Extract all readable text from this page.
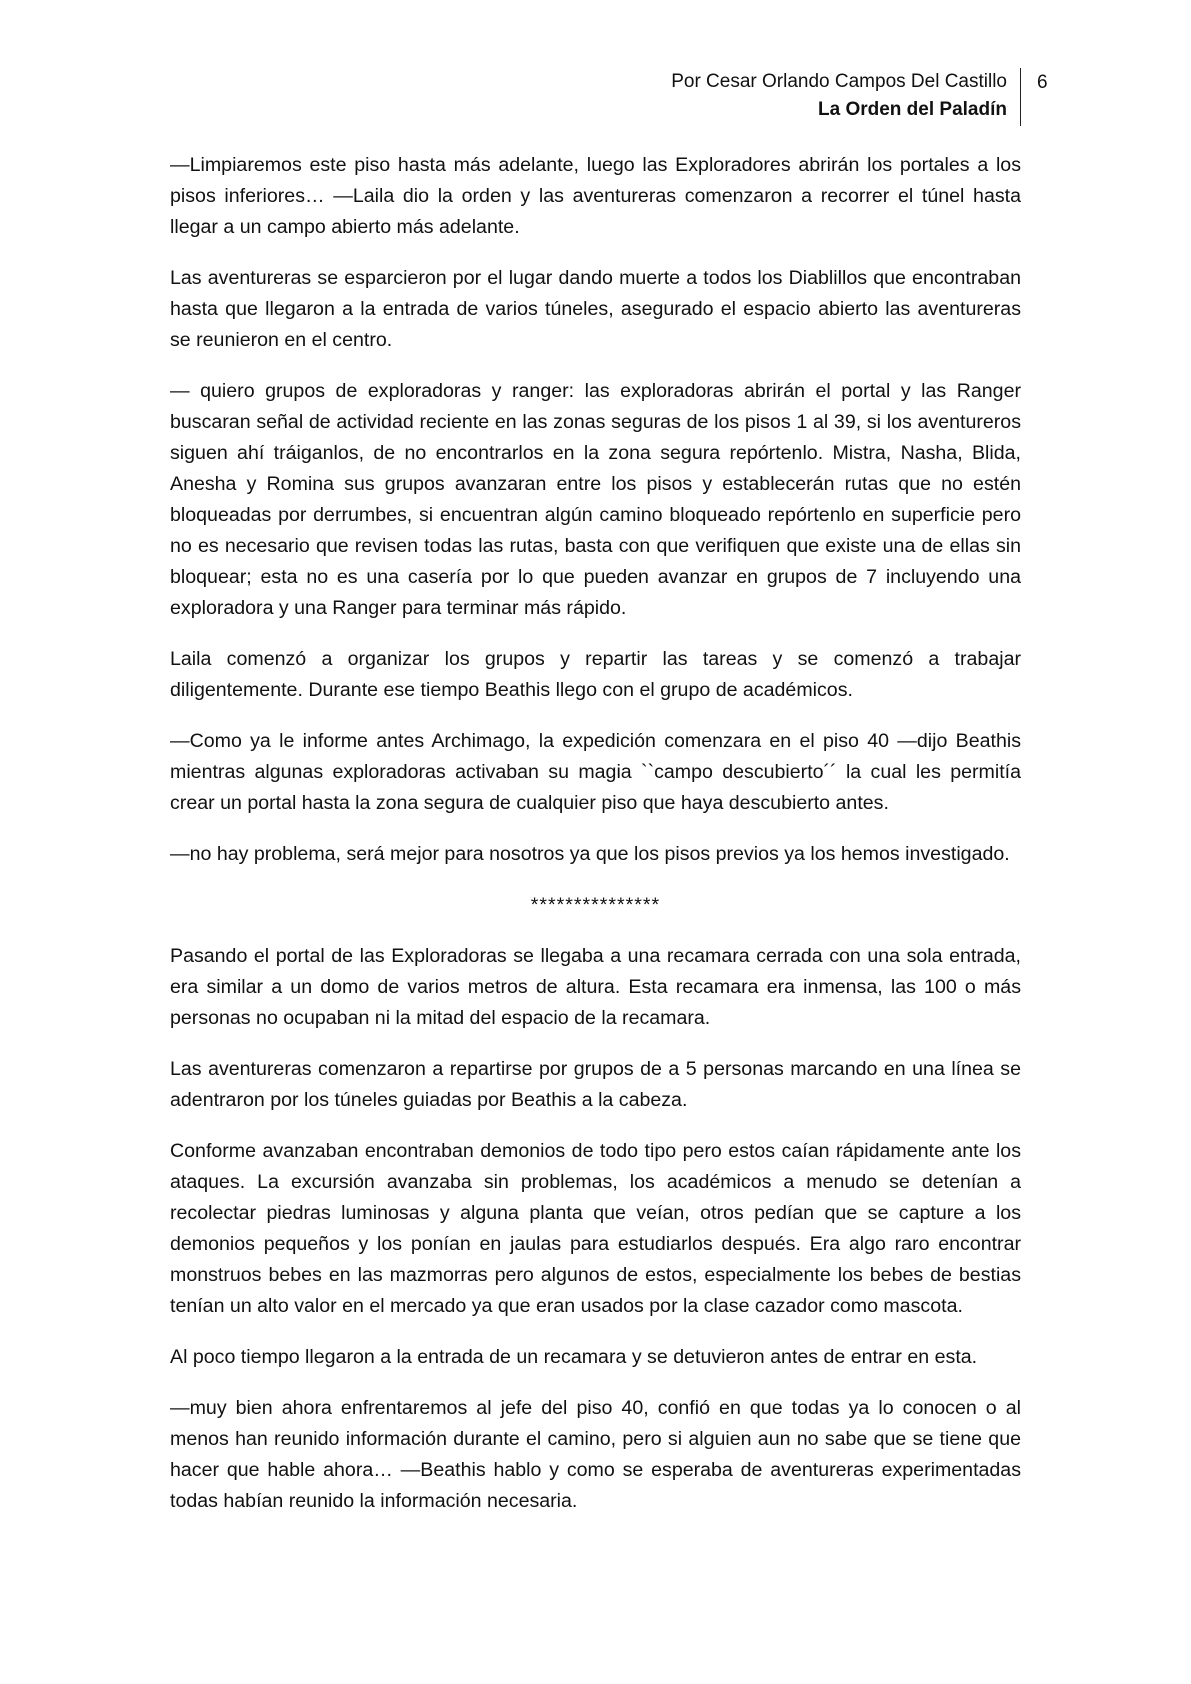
Por Cesar Orlando Campos Del Castillo
La Orden del Paladín
6

—Limpiaremos este piso hasta más adelante, luego las Exploradores abrirán los portales a los pisos inferiores… —Laila dio la orden y las aventureras comenzaron a recorrer el túnel hasta llegar a un campo abierto más adelante.

Las aventureras se esparcieron por el lugar dando muerte a todos los Diablillos que encontraban hasta que llegaron a la entrada de varios túneles, asegurado el espacio abierto las aventureras se reunieron en el centro.

— quiero grupos de exploradoras y ranger: las exploradoras abrirán el portal y las Ranger buscaran señal de actividad reciente en las zonas seguras de los pisos 1 al 39, si los aventureros siguen ahí tráiganlos, de no encontrarlos en la zona segura repórtenlo. Mistra, Nasha, Blida, Anesha y Romina sus grupos avanzaran entre los pisos y establecerán rutas que no estén bloqueadas por derrumbes, si encuentran algún camino bloqueado repórtenlo en superficie pero no es necesario que revisen todas las rutas, basta con que verifiquen que existe una de ellas sin bloquear; esta no es una casería por lo que pueden avanzar en grupos de 7 incluyendo una exploradora y una Ranger para terminar más rápido.

Laila comenzó a organizar los grupos y repartir las tareas y se comenzó a trabajar diligentemente. Durante ese tiempo Beathis llego con el grupo de académicos.

—Como ya le informe antes Archimago, la expedición comenzara en el piso 40 —dijo Beathis mientras algunas exploradoras activaban su magia ``campo descubierto´´ la cual les permitía crear un portal hasta la zona segura de cualquier piso que haya descubierto antes.

—no hay problema, será mejor para nosotros ya que los pisos previos ya los hemos investigado.

***************

Pasando el portal de las Exploradoras se llegaba a una recamara cerrada con una sola entrada, era similar a un domo de varios metros de altura. Esta recamara era inmensa, las 100 o más personas no ocupaban ni la mitad del espacio de la recamara.

Las aventureras comenzaron a repartirse por grupos de a 5 personas marcando en una línea se adentraron por los túneles guiadas por Beathis a la cabeza.

Conforme avanzaban encontraban demonios de todo tipo pero estos caían rápidamente ante los ataques. La excursión avanzaba sin problemas, los académicos a menudo se detenían a recolectar piedras luminosas y alguna planta que veían, otros pedían que se capture a los demonios pequeños y los ponían en jaulas para estudiarlos después. Era algo raro encontrar monstruos bebes en las mazmorras pero algunos de estos, especialmente los bebes de bestias tenían un alto valor en el mercado ya que eran usados por la clase cazador como mascota.

Al poco tiempo llegaron a la entrada de un recamara y se detuvieron antes de entrar en esta.

—muy bien ahora enfrentaremos al jefe del piso 40, confió en que todas ya lo conocen o al menos han reunido información durante el camino, pero si alguien aun no sabe que se tiene que hacer que hable ahora… —Beathis hablo y como se esperaba de aventureras experimentadas todas habían reunido la información necesaria.
